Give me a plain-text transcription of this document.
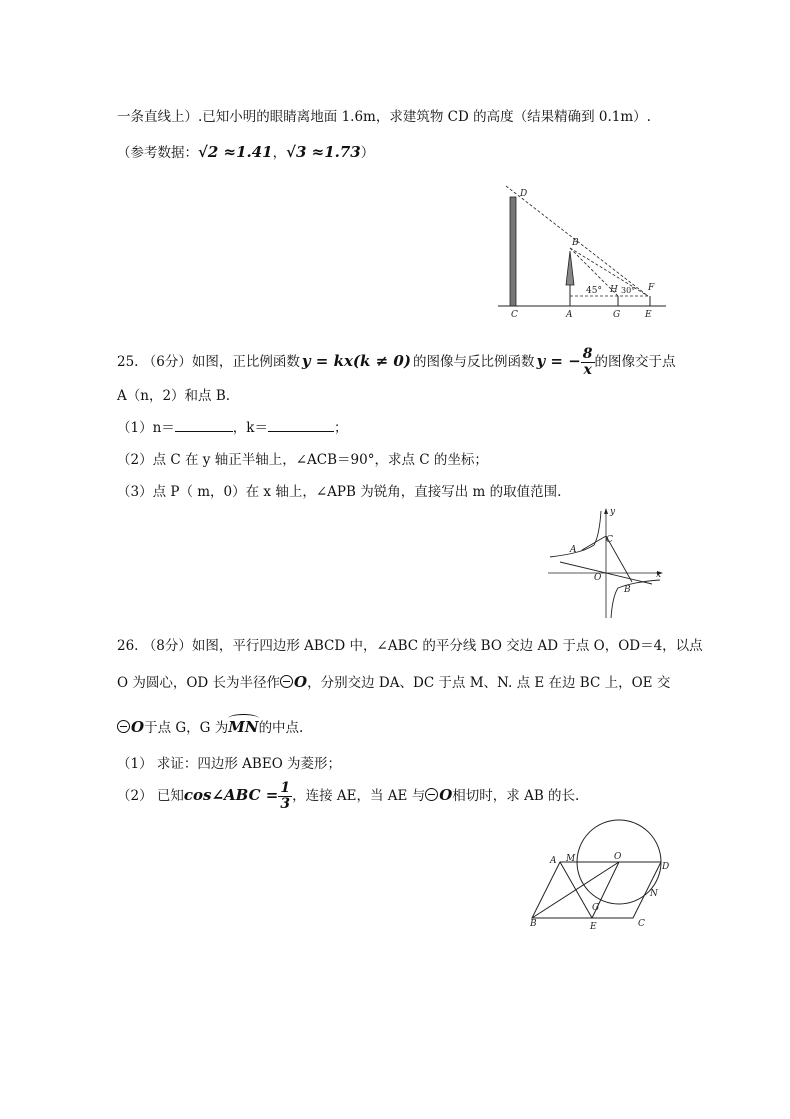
一条直线上）.已知小明的眼睛离地面 1.6m，求建筑物 CD 的高度（结果精确到 0.1m）.
（参考数据：√2 ≈1.41，√3 ≈1.73）
D
B
H	F
C	A	G	E
45° 30°
25. （6分）如图，正比例函数 y = kx(k ≠ 0) 的图像与反比例函数 y = − $\frac{8}{x}$ 的图像交于点
A（n，2）和点 B.
（1）n＝	，k＝	；
（2）点 C 在 y 轴正半轴上，∠ACB＝90°，求点 C 的坐标；
（3）点 P（ m，0）在 x 轴上，∠APB 为锐角，直接写出 m 的取值范围.
y
A
C
O	x
B
26. （8分）如图，平行四边形 ABCD 中，∠ABC 的平分线 BO 交边 AD 于点 O，OD＝4，以点
O 为圆心，OD 长为半径作 O，分别交边 DA、DC 于点 M、N. 点 E 在边 BC 上，OE 交
O于点 G，G 为MN的中点.
（1） 求证：四边形 ABEO 为菱形；
（2） 已知cos∠ABC = $\frac{1}{3}$ ，连接 AE，当 AE 与 O相切时，求 AB 的长.
A M	O
D
N
B
G
E	C
